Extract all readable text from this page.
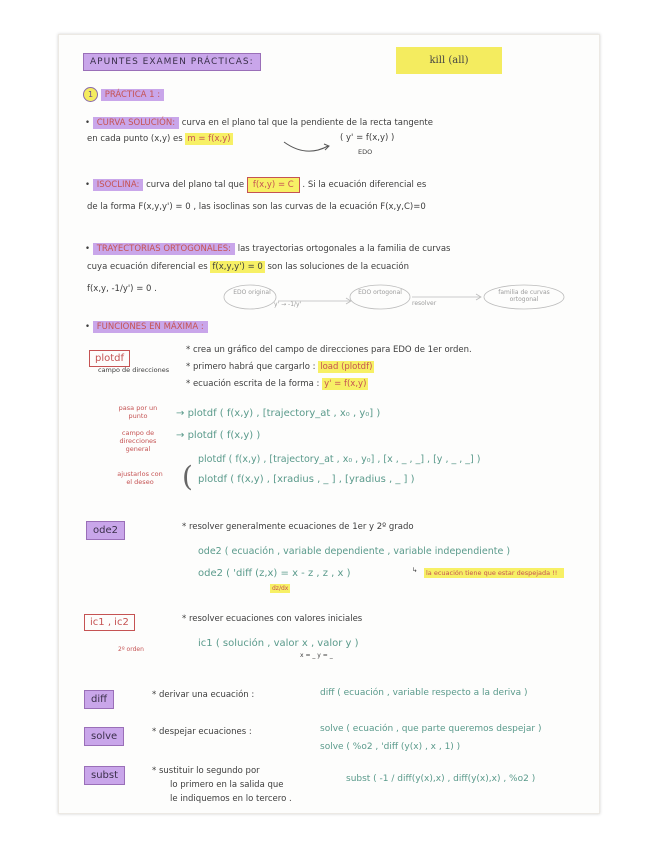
APUNTES EXAMEN PRÁCTICAS:	kill (all)
1 PRÁCTICA 1 :
• CURVA SOLUCIÓN: curva en el plano tal que la pendiente de la recta tangente
en cada punto (x,y) es m = f(x,y)	( y' = f(x,y) )
EDO
• ISOCLINA: curva del plano tal que f(x,y) = C . Si la ecuación diferencial es
de la forma F(x,y,y') = 0 , las isoclinas son las curvas de la ecuación F(x,y,C)=0
• TRAYECTORIAS ORTOGONALES: las trayectorias ortogonales a la familia de curvas
cuya ecuación diferencial es f(x,y,y') = 0 son las soluciones de la ecuación
f(x,y, -1/y') = 0 .	EDO original
y' → -1/y'
EDO ortogonal
resolver
familia de curvas ortogonal
• FUNCIONES EN MÁXIMA :
plotdf
campo de direcciones
* crea un gráfico del campo de direcciones para EDO de 1er orden.
* primero habrá que cargarlo : load (plotdf)
* ecuación escrita de la forma : y' = f(x,y)
pasa por un punto	→ plotdf ( f(x,y) , [trajectory_at , x₀ , y₀] )
campo de direcciones general
→ plotdf ( f(x,y) )
plotdf ( f(x,y) , [trajectory_at , x₀ , y₀] , [x , _ , _] , [y , _ , _] )
ajustarlos con el deseo	( plotdf ( f(x,y) , [xradius , _ ] , [yradius , _ ] )
ode2	* resolver generalmente ecuaciones de 1er y 2º grado
ode2 ( ecuación , variable dependiente , variable independiente )
ode2 ( 'diff (z,x) = x - z , z , x )
dz/dx
↳	la ecuación tiene que estar despejada !!
ic1 , ic2
2º orden
* resolver ecuaciones con valores iniciales
ic1 ( solución , valor x , valor y )
x = _ y = _
diff	* derivar una ecuación :	diff ( ecuación , variable respecto a la deriva )
solve	* despejar ecuaciones :	solve ( ecuación , que parte queremos despejar )
solve ( %o2 , 'diff (y(x) , x , 1) )
subst	* sustituir lo segundo por
lo primero en la salida que
le indiquemos en lo tercero .
subst ( -1 / diff(y(x),x) , diff(y(x),x) , %o2 )
